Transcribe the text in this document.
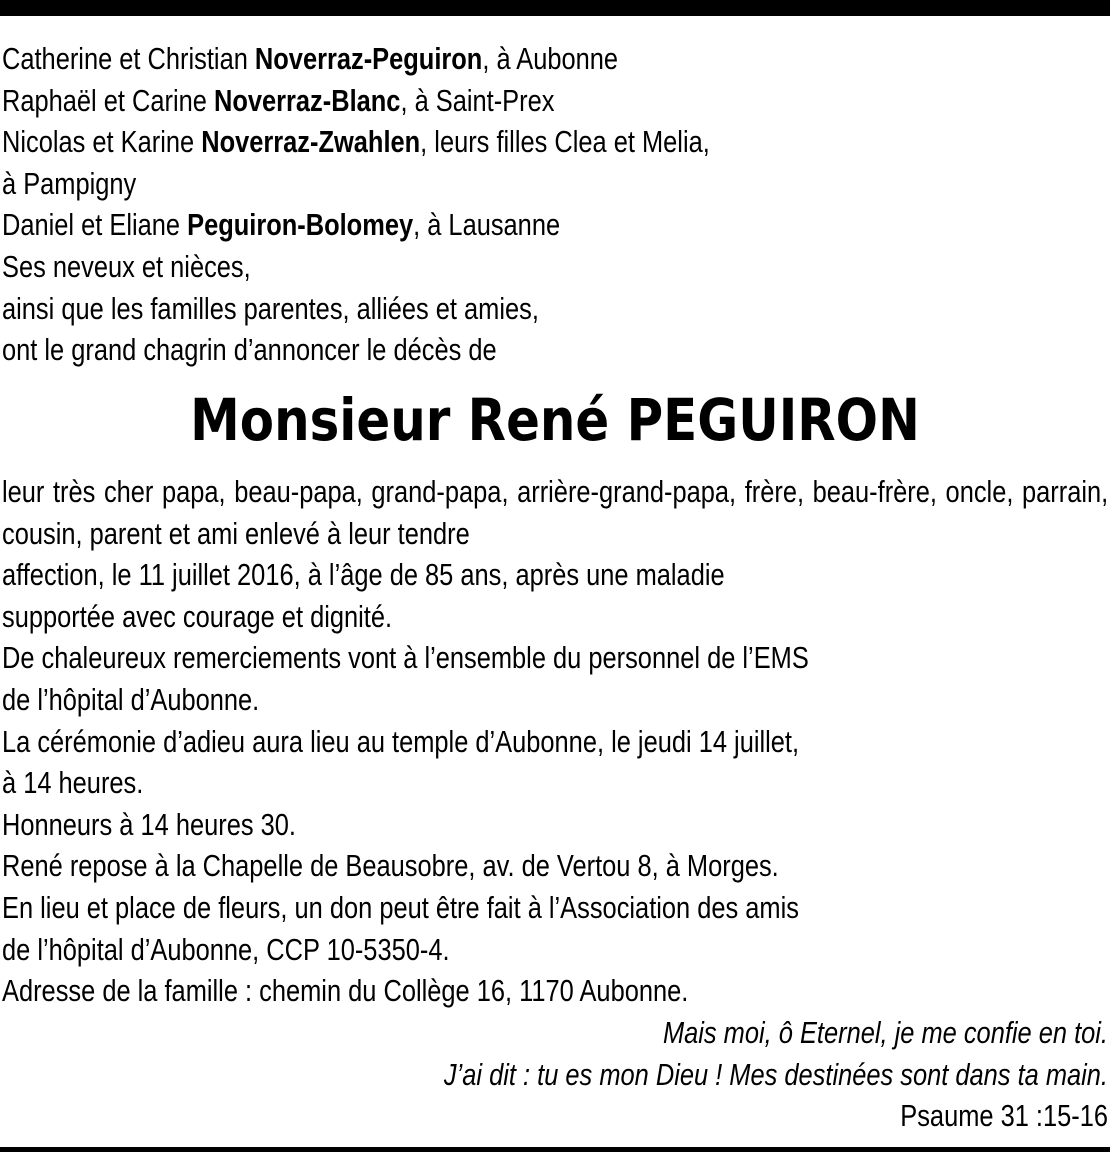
Catherine et Christian Noverraz-Peguiron, à Aubonne
Raphaël et Carine Noverraz-Blanc, à Saint-Prex
Nicolas et Karine Noverraz-Zwahlen, leurs filles Clea et Melia,
à Pampigny
Daniel et Eliane Peguiron-Bolomey, à Lausanne
Ses neveux et nièces,
ainsi que les familles parentes, alliées et amies,
ont le grand chagrin d’annoncer le décès de
Monsieur René PEGUIRON
leur très cher papa, beau-papa, grand-papa, arrière-grand-papa, frère, beau-frère, oncle, parrain, cousin, parent et ami enlevé à leur tendre
affection, le 11 juillet 2016, à l’âge de 85 ans, après une maladie
supportée avec courage et dignité.
De chaleureux remerciements vont à l’ensemble du personnel de l’EMS
de l’hôpital d’Aubonne.
La cérémonie d’adieu aura lieu au temple d’Aubonne, le jeudi 14 juillet,
à 14 heures.
Honneurs à 14 heures 30.
René repose à la Chapelle de Beausobre, av. de Vertou 8, à Morges.
En lieu et place de fleurs, un don peut être fait à l’Association des amis
de l’hôpital d’Aubonne, CCP 10-5350-4.
Adresse de la famille : chemin du Collège 16, 1170 Aubonne.
Mais moi, ô Eternel, je me confie en toi.
J’ai dit : tu es mon Dieu ! Mes destinées sont dans ta main.
Psaume 31 :15-16
